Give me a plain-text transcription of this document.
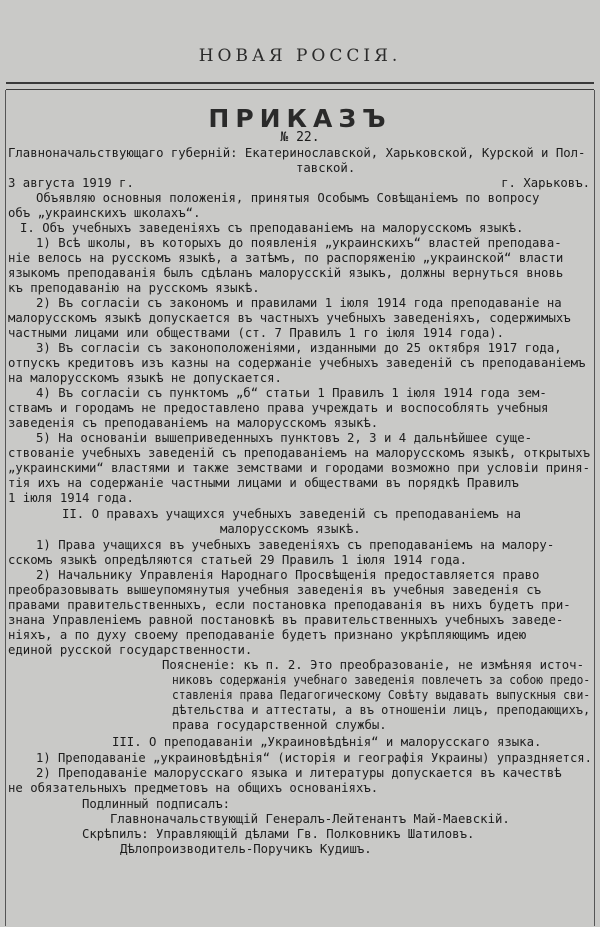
НОВАЯ РОССІЯ.
ПРИКАЗЪ
№ 22.
Главноначальствующаго губерній: Екатеринославской, Харьковской, Курской и Пол-
тавской.
3 августа 1919 г.	г. Харьковъ.
Объявляю основныя положенія, принятыя Особымъ Совѣщаніемъ по вопросу
объ „украинскихъ школахъ“.
I. Объ учебныхъ заведеніяхъ съ преподаваніемъ на малорусскомъ языкѣ.
1) Всѣ школы, въ которыхъ до появленія „украинскихъ“ властей преподава-
ніе велось на русскомъ языкѣ, а затѣмъ, по распоряженію „украинской“ власти
языкомъ преподаванія былъ сдѣланъ малорусскій языкъ, должны вернуться вновь
къ преподаванію на русскомъ языкѣ.
2) Въ согласіи съ закономъ и правилами 1 іюля 1914 года преподаваніе на
малорусскомъ языкѣ допускается въ частныхъ учебныхъ заведеніяхъ, содержимыхъ
частными лицами или обществами (ст. 7 Правилъ 1 го іюля 1914 года).
3) Въ согласіи съ законоположеніями, изданными до 25 октября 1917 года,
отпускъ кредитовъ изъ казны на содержаніе учебныхъ заведеній съ преподаваніемъ
на малорусскомъ языкѣ не допускается.
4) Въ согласіи съ пунктомъ „б“ статьи 1 Правилъ 1 іюля 1914 года зем-
ствамъ и городамъ не предоставлено права учреждать и воспособлять учебныя
заведенія съ преподаваніемъ на малорусскомъ языкѣ.
5) На основаніи вышеприведенныхъ пунктовъ 2, 3 и 4 дальнѣйшее суще-
ствованіе учебныхъ заведеній съ преподаваніемъ на малорусскомъ языкѣ, открытыхъ
„украинскими“ властями и также земствами и городами возможно при условіи приня-
тія ихъ на содержаніе частными лицами и обществами въ порядкѣ Правилъ
1 іюля 1914 года.
II. О правахъ учащихся учебныхъ заведеній съ преподаваніемъ на
малорусскомъ языкѣ.
1) Права учащихся въ учебныхъ заведеніяхъ съ преподаваніемъ на малору-
сскомъ языкѣ опредѣляются статьей 29 Правилъ 1 іюля 1914 года.
2) Начальнику Управленія Народнаго Просвѣщенія предоставляется право
преобразовывать вышеупомянутыя учебныя заведенія въ учебныя заведенія съ
правами правительственныхъ, если постановка преподаванія въ нихъ будетъ при-
знана Управленіемъ равной постановкѣ въ правительственныхъ учебныхъ заведе-
ніяхъ, а по духу своему преподаваніе будетъ признано укрѣпляющимъ идею
единой русской государственности.
Поясненіе: къ п. 2. Это преобразованіе, не измѣняя источ-
никовъ содержанія учебнаго заведенія повлечетъ за собою предо-
ставленія права Педагогическому Совѣту выдавать выпускныя сви-
дѣтельства и аттестаты, а въ отношеніи лицъ, преподающихъ,
права государственной службы.
III. О преподаваніи „Украиновѣдѣнія“ и малорусскаго языка.
1) Преподаваніе „украиновѣдѣнія“ (исторія и географія Украины) упраздняется.
2) Преподаваніе малорусскаго языка и литературы допускается въ качествѣ
не обязательныхъ предметовъ на общихъ основаніяхъ.
Подлинный подписалъ:
Главноначальствующій Генералъ-Лейтенантъ Май-Маевскій.
Скрѣпилъ: Управляющій дѣлами Гв. Полковникъ Шатиловъ.
Дѣлопроизводитель-Поручикъ Кудишъ.
